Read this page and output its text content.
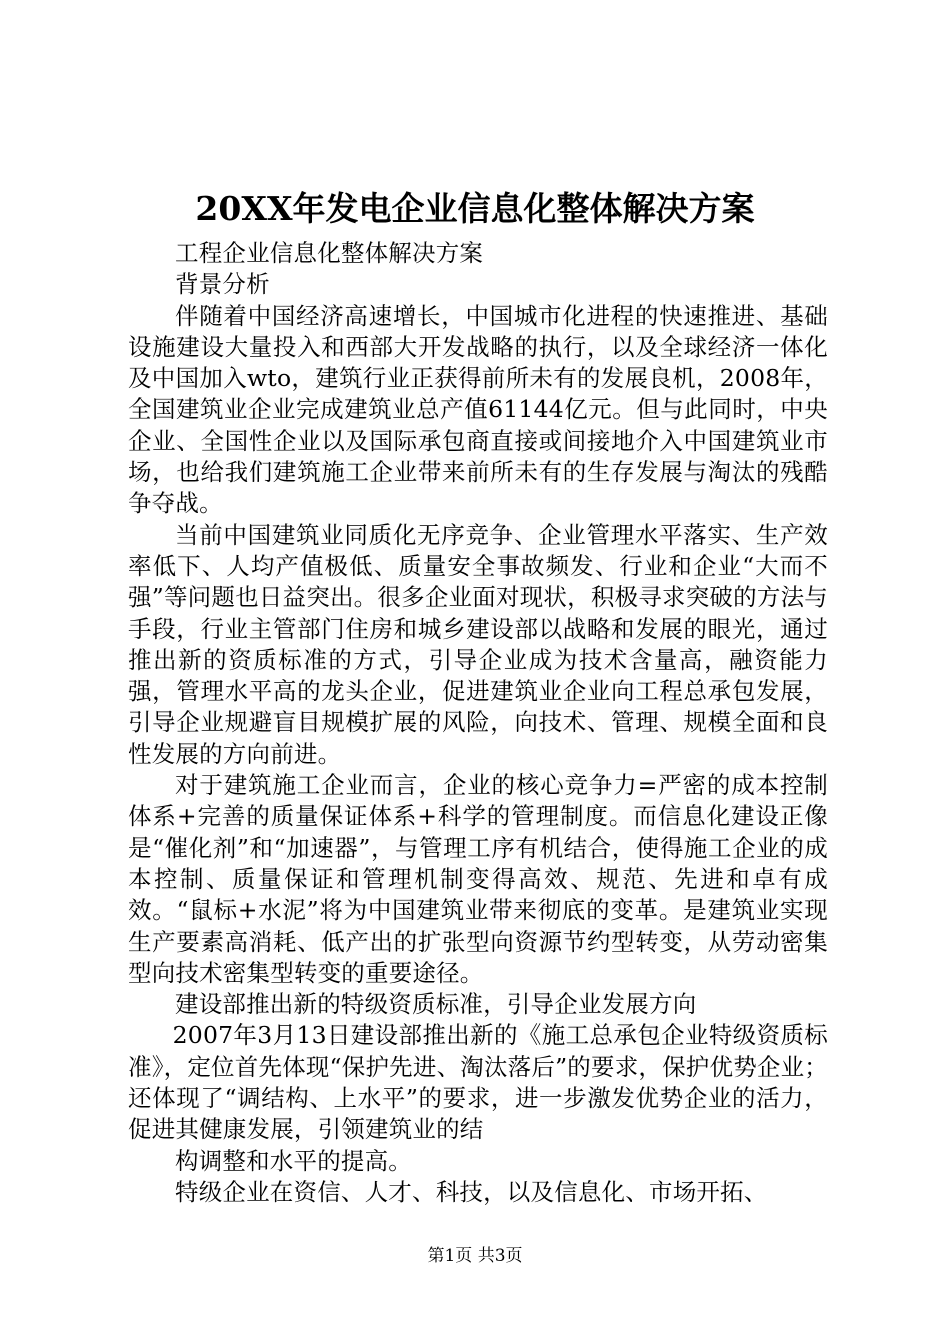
20XX年发电企业信息化整体解决方案

工程企业信息化整体解决方案

背景分析

伴随着中国经济高速增长，中国城市化进程的快速推进、基础设施建设大量投入和西部大开发战略的执行，以及全球经济一体化及中国加入wto，建筑行业正获得前所未有的发展良机，2008年，全国建筑业企业完成建筑业总产值61144亿元。但与此同时，中央企业、全国性企业以及国际承包商直接或间接地介入中国建筑业市场，也给我们建筑施工企业带来前所未有的生存发展与淘汰的残酷争夺战。

当前中国建筑业同质化无序竞争、企业管理水平落实、生产效率低下、人均产值极低、质量安全事故频发、行业和企业“大而不强”等问题也日益突出。很多企业面对现状，积极寻求突破的方法与手段，行业主管部门住房和城乡建设部以战略和发展的眼光，通过推出新的资质标准的方式，引导企业成为技术含量高，融资能力强，管理水平高的龙头企业，促进建筑业企业向工程总承包发展，引导企业规避盲目规模扩展的风险，向技术、管理、规模全面和良性发展的方向前进。

对于建筑施工企业而言，企业的核心竞争力=严密的成本控制体系+完善的质量保证体系+科学的管理制度。而信息化建设正像是“催化剂”和“加速器”，与管理工序有机结合，使得施工企业的成本控制、质量保证和管理机制变得高效、规范、先进和卓有成效。“鼠标+水泥”将为中国建筑业带来彻底的变革。是建筑业实现生产要素高消耗、低产出的扩张型向资源节约型转变，从劳动密集型向技术密集型转变的重要途径。

建设部推出新的特级资质标准，引导企业发展方向

2007年3月13日建设部推出新的《施工总承包企业特级资质标准》，定位首先体现“保护先进、淘汰落后”的要求，保护优势企业；还体现了“调结构、上水平”的要求，进一步激发优势企业的活力，促进其健康发展，引领建筑业的结

构调整和水平的提高。

特级企业在资信、人才、科技，以及信息化、市场开拓、

第1页 共3页
